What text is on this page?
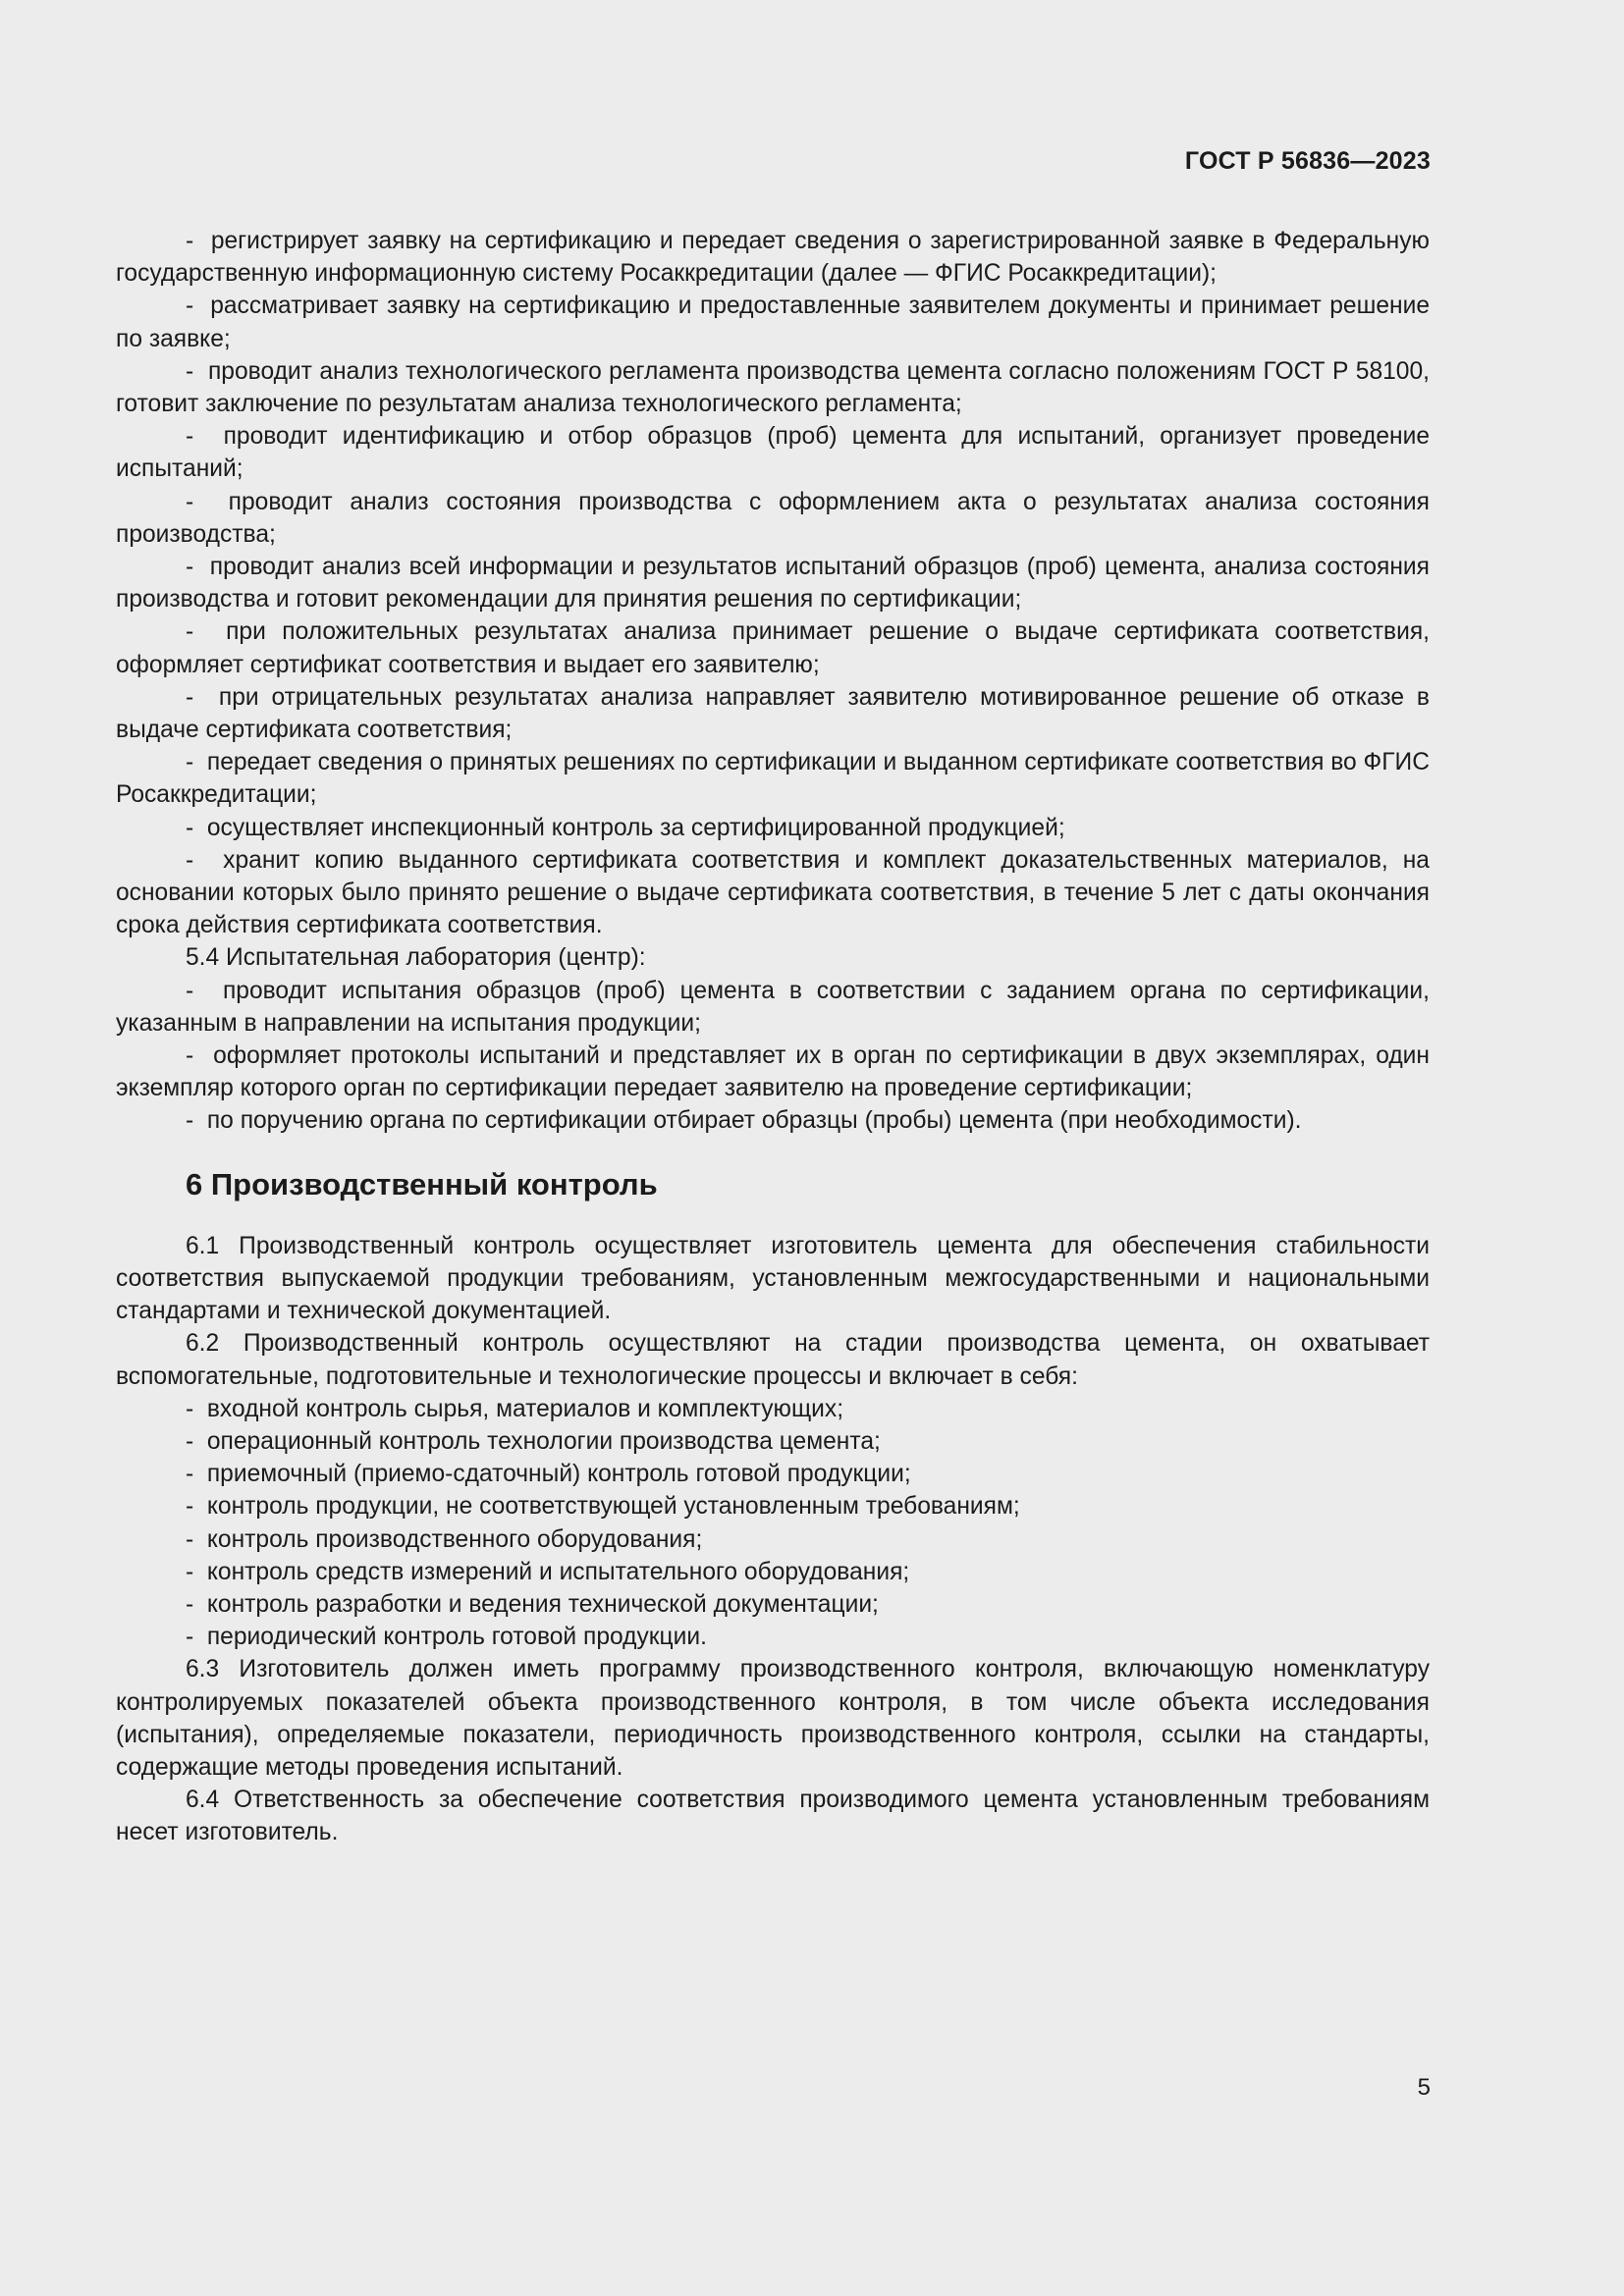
ГОСТ Р 56836—2023

-  регистрирует заявку на сертификацию и передает сведения о зарегистрированной заявке в Федеральную государственную информационную систему Росаккредитации (далее — ФГИС Росаккредитации);

-  рассматривает заявку на сертификацию и предоставленные заявителем документы и принимает решение по заявке;

-  проводит анализ технологического регламента производства цемента согласно положениям ГОСТ Р 58100, готовит заключение по результатам анализа технологического регламента;

-  проводит идентификацию и отбор образцов (проб) цемента для испытаний, организует проведение испытаний;

-  проводит анализ состояния производства с оформлением акта о результатах анализа состояния производства;

-  проводит анализ всей информации и результатов испытаний образцов (проб) цемента, анализа состояния производства и готовит рекомендации для принятия решения по сертификации;

-  при положительных результатах анализа принимает решение о выдаче сертификата соответствия, оформляет сертификат соответствия и выдает его заявителю;

-  при отрицательных результатах анализа направляет заявителю мотивированное решение об отказе в выдаче сертификата соответствия;

-  передает сведения о принятых решениях по сертификации и выданном сертификате соответствия во ФГИС Росаккредитации;

-  осуществляет инспекционный контроль за сертифицированной продукцией;

-  хранит копию выданного сертификата соответствия и комплект доказательственных материалов, на основании которых было принято решение о выдаче сертификата соответствия, в течение 5 лет с даты окончания срока действия сертификата соответствия.

5.4 Испытательная лаборатория (центр):

-  проводит испытания образцов (проб) цемента в соответствии с заданием органа по сертификации, указанным в направлении на испытания продукции;

-  оформляет протоколы испытаний и представляет их в орган по сертификации в двух экземплярах, один экземпляр которого орган по сертификации передает заявителю на проведение сертификации;

-  по поручению органа по сертификации отбирает образцы (пробы) цемента (при необходимости).

6 Производственный контроль

6.1 Производственный контроль осуществляет изготовитель цемента для обеспечения стабильности соответствия выпускаемой продукции требованиям, установленным межгосударственными и национальными стандартами и технической документацией.

6.2 Производственный контроль осуществляют на стадии производства цемента, он охватывает вспомогательные, подготовительные и технологические процессы и включает в себя:

-  входной контроль сырья, материалов и комплектующих;

-  операционный контроль технологии производства цемента;

-  приемочный (приемо-сдаточный) контроль готовой продукции;

-  контроль продукции, не соответствующей установленным требованиям;

-  контроль производственного оборудования;

-  контроль средств измерений и испытательного оборудования;

-  контроль разработки и ведения технической документации;

-  периодический контроль готовой продукции.

6.3 Изготовитель должен иметь программу производственного контроля, включающую номенклатуру контролируемых показателей объекта производственного контроля, в том числе объекта исследования (испытания), определяемые показатели, периодичность производственного контроля, ссылки на стандарты, содержащие методы проведения испытаний.

6.4 Ответственность за обеспечение соответствия производимого цемента установленным требованиям несет изготовитель.

5
